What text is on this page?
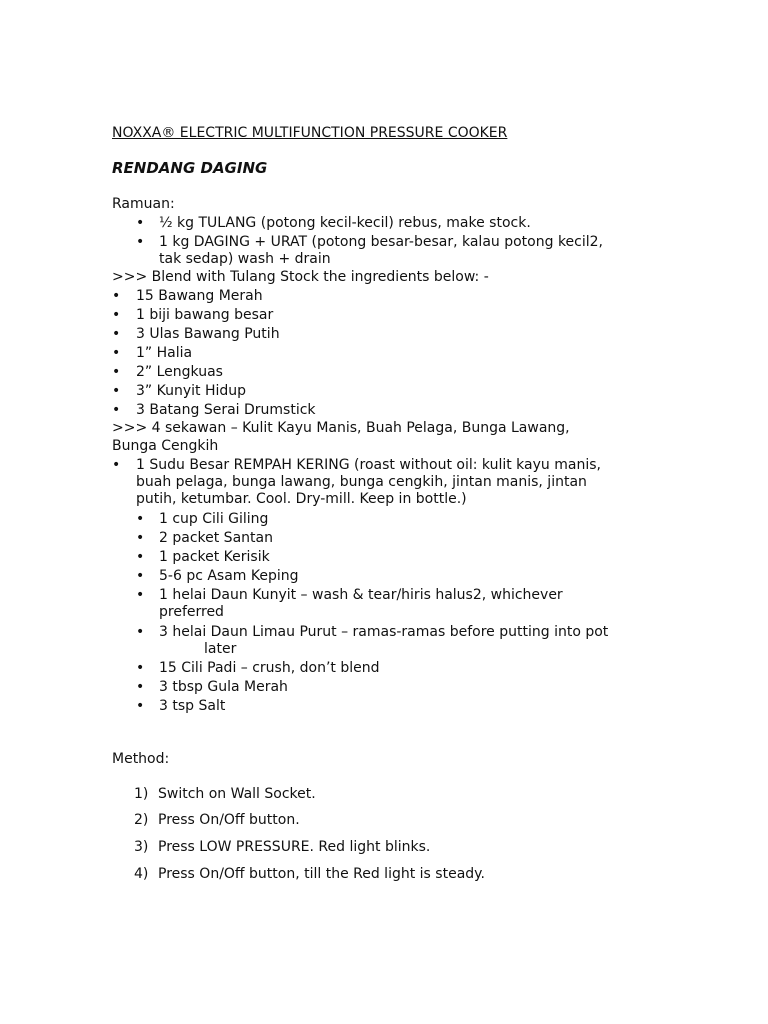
NOXXA® ELECTRIC MULTIFUNCTION PRESSURE COOKER
RENDANG DAGING
Ramuan:
• ½ kg TULANG (potong kecil-kecil) rebus, make stock.
• 1 kg DAGING + URAT (potong besar-besar, kalau potong kecil2,
tak sedap) wash + drain
>>> Blend with Tulang Stock the ingredients below: -
• 15 Bawang Merah
• 1 biji bawang besar
• 3 Ulas Bawang Putih
• 1” Halia
• 2” Lengkuas
• 3” Kunyit Hidup
• 3 Batang Serai Drumstick
>>> 4 sekawan – Kulit Kayu Manis, Buah Pelaga, Bunga Lawang,
Bunga Cengkih
• 1 Sudu Besar REMPAH KERING (roast without oil: kulit kayu manis,
buah pelaga, bunga lawang, bunga cengkih, jintan manis, jintan
putih, ketumbar. Cool. Dry-mill. Keep in bottle.)
• 1 cup Cili Giling
• 2 packet Santan
• 1 packet Kerisik
• 5-6 pc Asam Keping
• 1 helai Daun Kunyit – wash & tear/hiris halus2, whichever
preferred
• 3 helai Daun Limau Purut – ramas-ramas before putting into pot
later
• 15 Cili Padi – crush, don’t blend
• 3 tbsp Gula Merah
• 3 tsp Salt
Method:
1) Switch on Wall Socket.
2) Press On/Off button.
3) Press LOW PRESSURE. Red light blinks.
4) Press On/Off button, till the Red light is steady.
